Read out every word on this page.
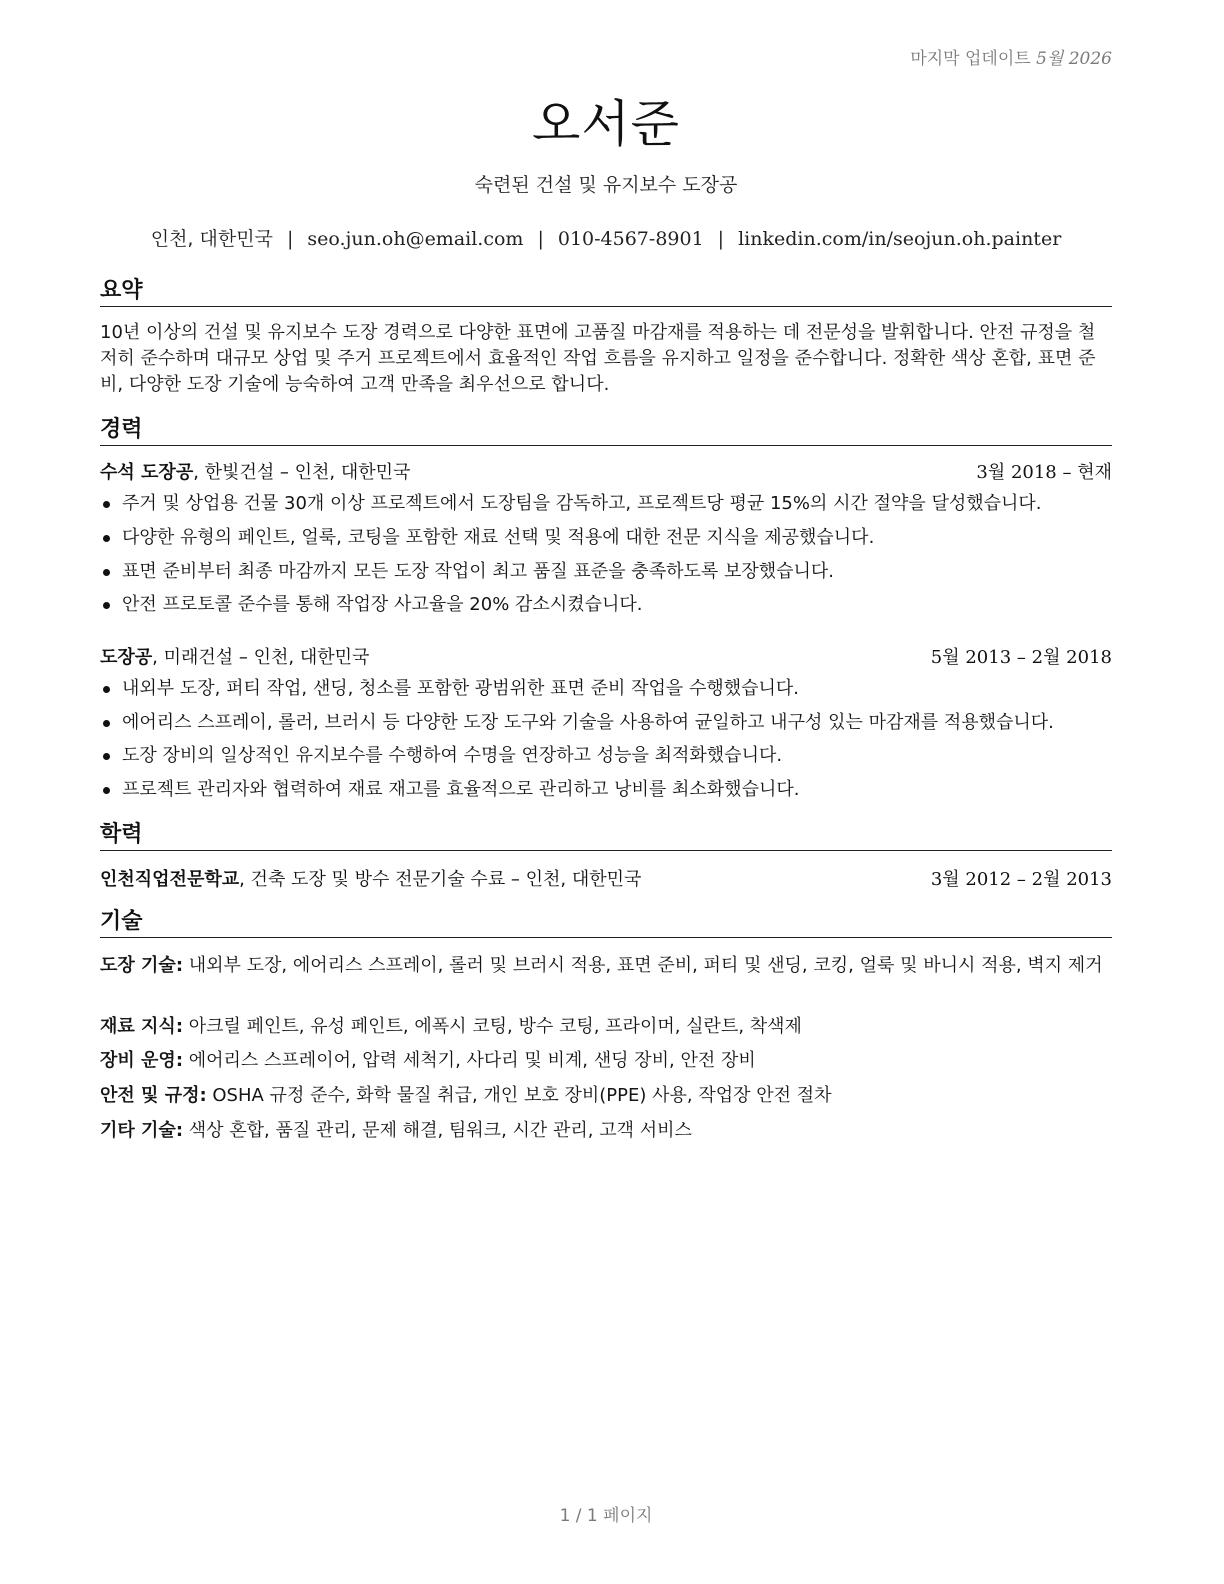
마지막 업데이트 5월 2026
오서준
숙련된 건설 및 유지보수 도장공
인천, 대한민국 | seo.jun.oh@email.com | 010-4567-8901 | linkedin.com/in/seojun.oh.painter
요약
10년 이상의 건설 및 유지보수 도장 경력으로 다양한 표면에 고품질 마감재를 적용하는 데 전문성을 발휘합니다. 안전 규정을 철저히 준수하며 대규모 상업 및 주거 프로젝트에서 효율적인 작업 흐름을 유지하고 일정을 준수합니다. 정확한 색상 혼합, 표면 준비, 다양한 도장 기술에 능숙하여 고객 만족을 최우선으로 합니다.
경력
수석 도장공, 한빛건설 – 인천, 대한민국	3월 2018 – 현재
주거 및 상업용 건물 30개 이상 프로젝트에서 도장팀을 감독하고, 프로젝트당 평균 15%의 시간 절약을 달성했습니다.
다양한 유형의 페인트, 얼룩, 코팅을 포함한 재료 선택 및 적용에 대한 전문 지식을 제공했습니다.
표면 준비부터 최종 마감까지 모든 도장 작업이 최고 품질 표준을 충족하도록 보장했습니다.
안전 프로토콜 준수를 통해 작업장 사고율을 20% 감소시켰습니다.
도장공, 미래건설 – 인천, 대한민국	5월 2013 – 2월 2018
내외부 도장, 퍼티 작업, 샌딩, 청소를 포함한 광범위한 표면 준비 작업을 수행했습니다.
에어리스 스프레이, 롤러, 브러시 등 다양한 도장 도구와 기술을 사용하여 균일하고 내구성 있는 마감재를 적용했습니다.
도장 장비의 일상적인 유지보수를 수행하여 수명을 연장하고 성능을 최적화했습니다.
프로젝트 관리자와 협력하여 재료 재고를 효율적으로 관리하고 낭비를 최소화했습니다.
학력
인천직업전문학교, 건축 도장 및 방수 전문기술 수료 – 인천, 대한민국	3월 2012 – 2월 2013
기술
도장 기술: 내외부 도장, 에어리스 스프레이, 롤러 및 브러시 적용, 표면 준비, 퍼티 및 샌딩, 코킹, 얼룩 및 바니시 적용, 벽지 제거
재료 지식: 아크릴 페인트, 유성 페인트, 에폭시 코팅, 방수 코팅, 프라이머, 실란트, 착색제
장비 운영: 에어리스 스프레이어, 압력 세척기, 사다리 및 비계, 샌딩 장비, 안전 장비
안전 및 규정: OSHA 규정 준수, 화학 물질 취급, 개인 보호 장비(PPE) 사용, 작업장 안전 절차
기타 기술: 색상 혼합, 품질 관리, 문제 해결, 팀워크, 시간 관리, 고객 서비스
1 / 1 페이지
